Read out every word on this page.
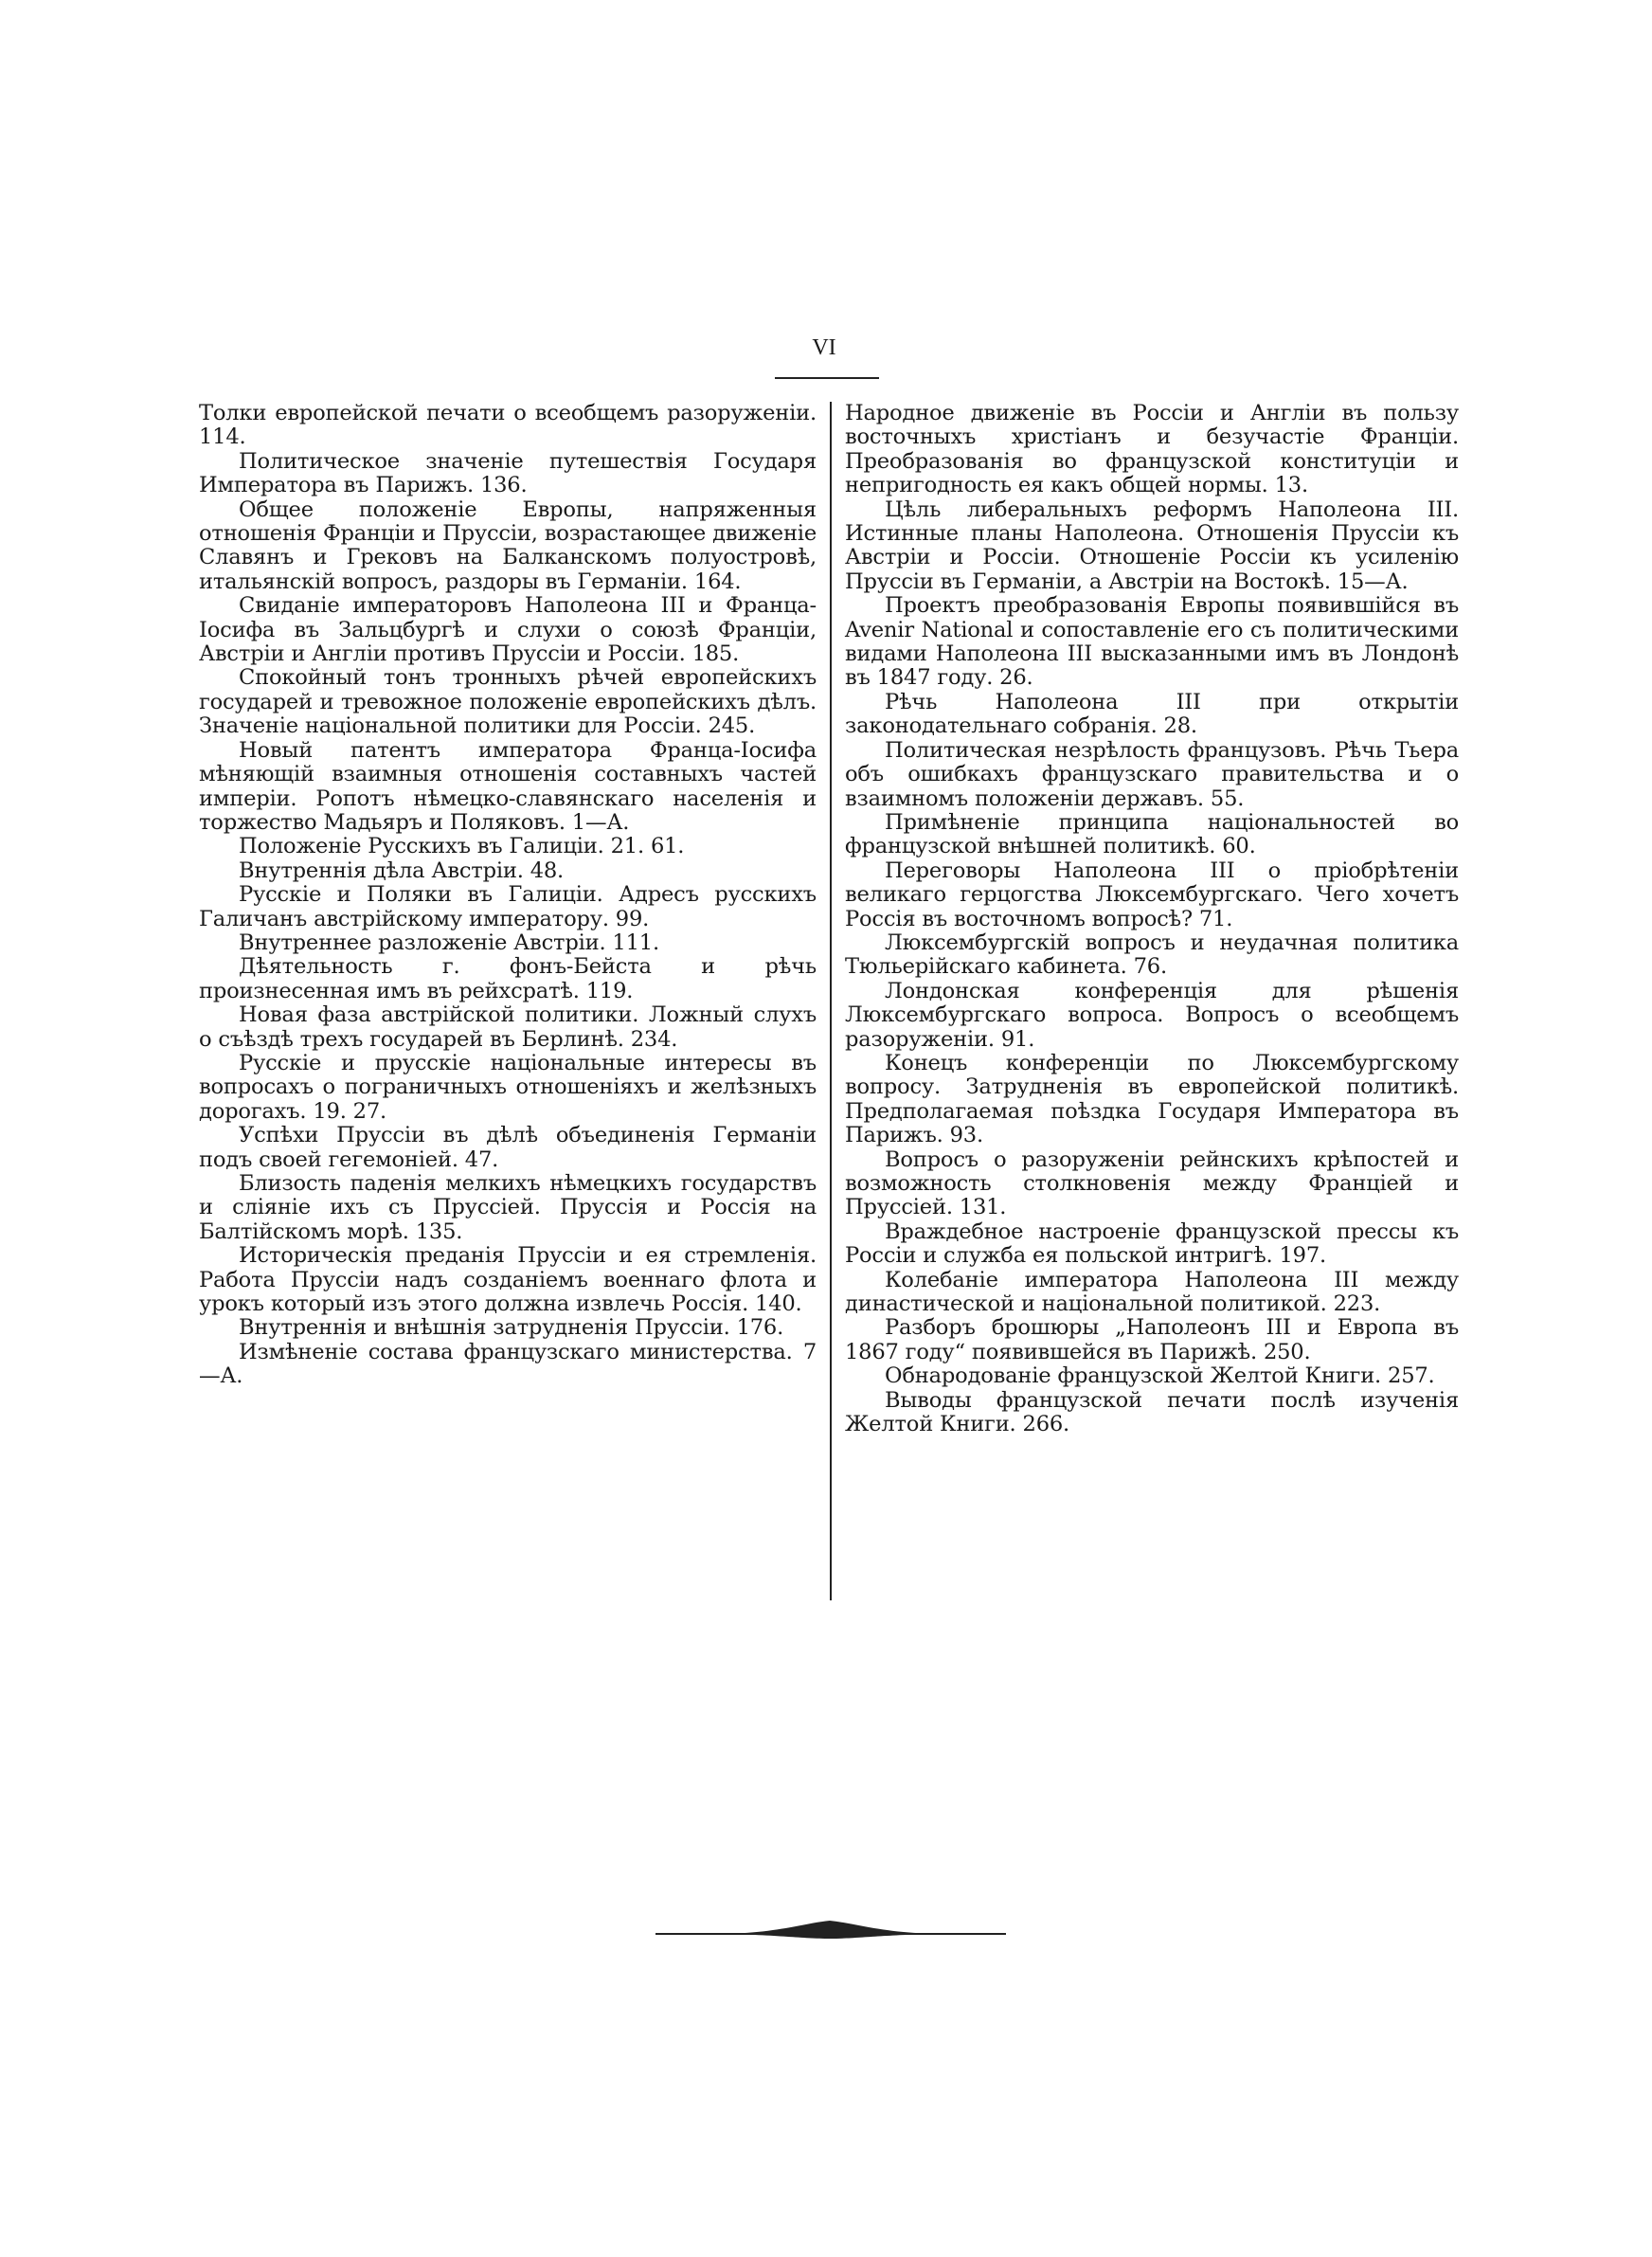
VI

Толки европейской печати о всеобщемъ разоруженіи. 114.

Политическое значеніе путешествія Государя Императора въ Парижъ. 136.

Общее положеніе Европы, напряженныя отношенія Франціи и Пруссіи, возрастающее движеніе Славянъ и Грековъ на Балканскомъ полуостровѣ, итальянскій вопросъ, раздоры въ Германіи. 164.

Свиданіе императоровъ Наполеона III и Франца-Іосифа въ Зальцбургѣ и слухи о союзѣ Франціи, Австріи и Англіи противъ Пруссіи и Россіи. 185.

Спокойный тонъ тронныхъ рѣчей европейскихъ государей и тревожное положеніе европейскихъ дѣлъ. Значеніе національной политики для Россіи. 245.

Новый патентъ императора Франца-Іосифа мѣняющій взаимныя отношенія составныхъ частей имперіи. Ропотъ нѣмецко-славянскаго населенія и торжество Мадьяръ и Поляковъ. 1—А.

Положеніе Русскихъ въ Галиціи. 21. 61.

Внутреннія дѣла Австріи. 48.

Русскіе и Поляки въ Галиціи. Адресъ русскихъ Галичанъ австрійскому императору. 99.

Внутреннее разложеніе Австріи. 111.

Дѣятельность г. фонъ-Бейста и рѣчь произнесенная имъ въ рейхсратѣ. 119.

Новая фаза австрійской политики. Ложный слухъ о съѣздѣ трехъ государей въ Берлинѣ. 234.

Русскіе и прусскіе національные интересы въ вопросахъ о пограничныхъ отношеніяхъ и желѣзныхъ дорогахъ. 19. 27.

Успѣхи Пруссіи въ дѣлѣ объединенія Германіи подъ своей гегемоніей. 47.

Близость паденія мелкихъ нѣмецкихъ государствъ и сліяніе ихъ съ Пруссіей. Пруссія и Россія на Балтійскомъ морѣ. 135.

Историческія преданія Пруссіи и ея стремленія. Работа Пруссіи надъ созданіемъ военнаго флота и урокъ который изъ этого должна извлечь Россія. 140.

Внутреннія и внѣшнія затрудненія Пруссіи. 176.

Измѣненіе состава французскаго министерства. 7—А.

Народное движеніе въ Россіи и Англіи въ пользу восточныхъ христіанъ и безучастіе Франціи. Преобразованія во французской конституціи и непригодность ея какъ общей нормы. 13.

Цѣль либеральныхъ реформъ Наполеона III. Истинные планы Наполеона. Отношенія Пруссіи къ Австріи и Россіи. Отношеніе Россіи къ усиленію Пруссіи въ Германіи, а Австріи на Востокѣ. 15—А.

Проектъ преобразованія Европы появившійся въ Avenir National и сопоставленіе его съ политическими видами Наполеона III высказанными имъ въ Лондонѣ въ 1847 году. 26.

Рѣчь Наполеона III при открытіи законодательнаго собранія. 28.

Политическая незрѣлость французовъ. Рѣчь Тьера объ ошибкахъ французскаго правительства и о взаимномъ положеніи державъ. 55.

Примѣненіе принципа національностей во французской внѣшней политикѣ. 60.

Переговоры Наполеона III о пріобрѣтеніи великаго герцогства Люксембургскаго. Чего хочетъ Россія въ восточномъ вопросѣ? 71.

Люксембургскій вопросъ и неудачная политика Тюльерійскаго кабинета. 76.

Лондонская конференція для рѣшенія Люксембургскаго вопроса. Вопросъ о всеобщемъ разоруженіи. 91.

Конецъ конференціи по Люксембургскому вопросу. Затрудненія въ европейской политикѣ. Предполагаемая поѣздка Государя Императора въ Парижъ. 93.

Вопросъ о разоруженіи рейнскихъ крѣпостей и возможность столкновенія между Франціей и Пруссіей. 131.

Враждебное настроеніе французской прессы къ Россіи и служба ея польской интригѣ. 197.

Колебаніе императора Наполеона III между династической и національной политикой. 223.

Разборъ брошюры „Наполеонъ III и Европа въ 1867 году“ появившейся въ Парижѣ. 250.

Обнародованіе французской Желтой Книги. 257.

Выводы французской печати послѣ изученія Желтой Книги. 266.
